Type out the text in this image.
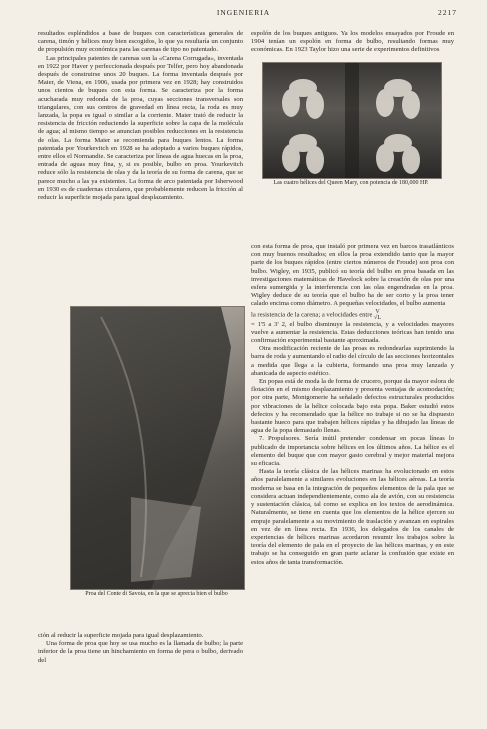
INGENIERIA	2217

resultados espléndidos a base de buques con características generales de carena, timón y hélices muy bien escogidos, lo que ya resultaría un conjunto de propulsión muy económica para las carenas de tipo no patentado.

Las principales patentes de carenas son la «Carena Corrugada», inventada en 1922 por Haver y perfeccionada después por Telfer, pero hoy abandonada después de construirse unos 20 buques. La forma inventada después por Maier, de Viena, en 1906, usada por primera vez en 1928; hay construidos unos cientos de buques con esta forma. Se caracteriza por la forma acucharada muy redonda de la proa, cuyas secciones transversales son triangulares, con sus centros de gravedad en línea recta, la roda es muy lanzada, la popa es igual o similar a la corriente. Maier trató de reducir la resistencia de fricción reduciendo la superficie sobre la capa de la molécula de agua; al mismo tiempo se anuncian posibles reducciones en la resistencia de olas. La forma Maier se recomienda para buques lentos. La forma patentada por Yourkevitch en 1928 se ha adoptado a varios buques rápidos, entre ellos el Normandie. Se caracteriza por líneas de agua huecas en la proa, entrada de aguas muy fina, y, si es posible, bulbo en proa. Yourkevitch reduce sólo la resistencia de olas y da la teoría de su forma de carena, que se parece mucho a las ya existentes. La forma de arco patentada por Isherwood en 1930 es de cuadernas circulares, que probablemente reducen la fricción al reducir la superficie mojada para igual desplazamiento.

Proa del Conte di Savoia, en la que se aprecia bien el bulbo

ción al reducir la superficie mojada para igual desplazamiento.

Una forma de proa que hoy se usa mucho es la llamada de bulbo; la parte inferior de la proa tiene un hinchamiento en forma de pera o bulbo, derivado del

espolón de los buques antiguos. Ya los modelos ensayados por Froude en 1904 tenían un espolón en forma de bulbo, resultando formas muy económicas. En 1923 Taylor hizo una serie de experimentos definitivos

Las cuatro hélices del Queen Mary, con potencia de 180,000 HP.

con esta forma de proa, que instaló por primera vez en barcos trasatlánticos con muy buenos resultados; en ellos la proa extendido tanto que la mayor parte de los buques rápidos (entre ciertos números de Froude) son proa con bulbo. Wigley, en 1935, publicó su teoría del bulbo en proa basada en las investigaciones matemáticas de Havelock sobre la creación de olas por una esfera sumergida y la interferencia con las olas engendradas en la proa. Wigley deduce de su teoría que el bulbo ha de ser corto y la proa tener calado encima como diámetro. A pequeñas velocidades, el bulbo aumenta

la resistencia de la carena; a velocidades entre V
√L

= 1'5 a 3' 2, el bulbo disminuye la resistencia, y a velocidades mayores vuelve a aumentar la resistencia. Estas deducciones teóricas han tenido una confirmación experimental bastante aproximada.

Otra modificación reciente de las proas es redondearlas suprimiendo la barra de roda y aumentando el radio del círculo de las secciones horizontales a medida que llega a la cubierta, formando una proa muy lanzada y abanicada de aspecto estético.

En popas está de moda la de forma de crucero, porque da mayor eslora de flotación en el mismo desplazamiento y presenta ventajas de acomodación; por otra parte, Montgomerie ha señalado defectos estructurales producidos por vibraciones de la hélice colocada bajo esta popa. Baker estudió estos defectos y ha recomendado que la hélice no trabaje si no se ha dispuesto bastante hueco para que trabajen hélices rápidas y ha dibujado las líneas de agua de la popa demasiado llenas.

7. Propulsores. Sería inútil pretender condensar en pocas líneas lo publicado de importancia sobre hélices en los últimos años. La hélice es el elemento del buque que con mayor gasto cerebral y mejor material mejora su eficacia.

Hasta la teoría clásica de las hélices marinas ha evolucionado en estos años paralelamente a similares evoluciones en las hélices aéreas. La teoría moderna se basa en la integración de pequeños elementos de la pala que se considera actuan independientemente, como ala de avión, con su resistencia y sustentación clásica, tal como se explica en los textos de aerodinámica. Naturalmente, se tiene en cuenta que los elementos de la hélice ejercen su empuje paralelamente a su movimiento de traslación y avanzan en espirales en vez de en línea recta. En 1936, los delegados de los canales de experiencias de hélices marinas acordaron resumir los trabajos sobre la teoría del elemento de pala en el proyecto de las hélices marinas, y en este trabajo se ha conseguido en gran parte aclarar la confusión que existe en estos años de tanta transformación.
